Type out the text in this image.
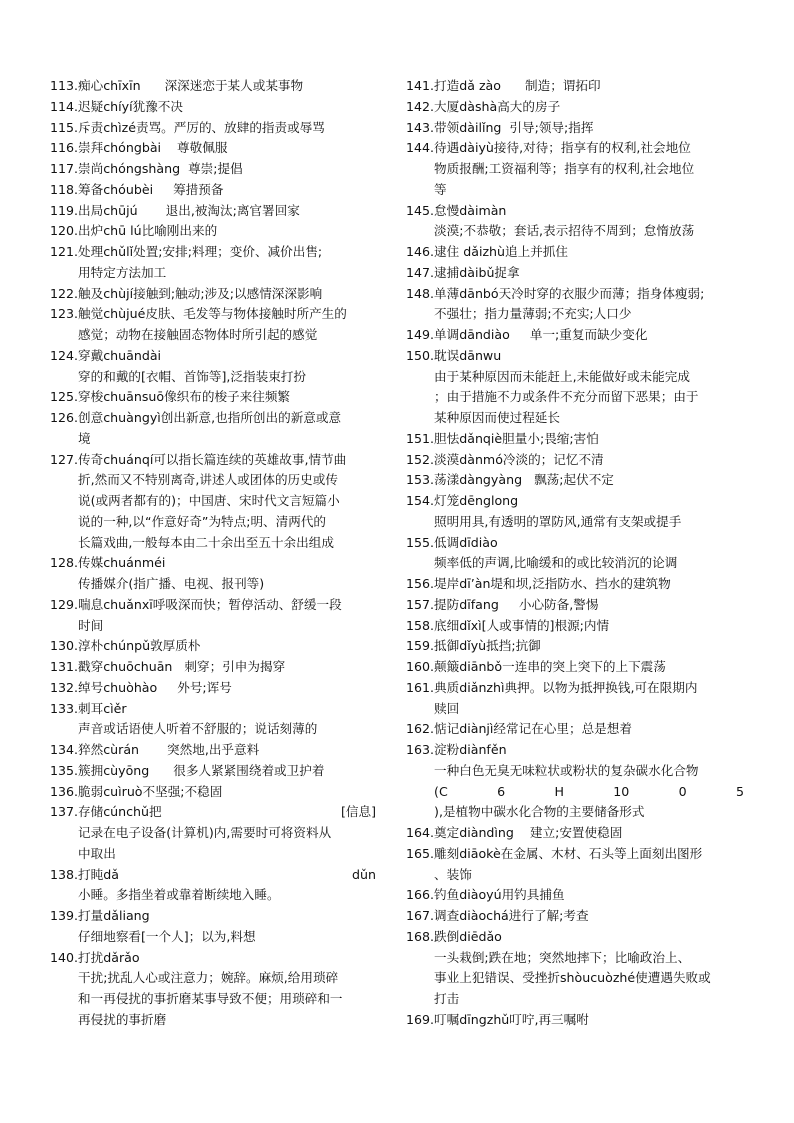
113. 痴心chīxīn      深深迷恋于某人或某事物
114. 迟疑chíyí犹豫不决
115. 斥责chìzé责骂。严厉的、放肆的指责或辱骂
116. 崇拜chóngbài    尊敬佩服
117. 崇尚chóngshàng  尊崇;提倡
118. 筹备chóubèi     筹措预备
119. 出局chūjú       退出,被淘汰;离官署回家
120. 出炉chū lú比喻刚出来的
121. 处理chǔlǐ处置;安排;料理；变价、减价出售;
用特定方法加工
122. 触及chùjí接触到;触动;涉及;以感情深深影响
123. 触觉chùjué皮肤、毛发等与物体接触时所产生的
感觉；动物在接触固态物体时所引起的感觉
124. 穿戴chuāndài
穿的和戴的[衣帽、首饰等],泛指装束打扮
125. 穿梭chuānsuō像织布的梭子来往频繁
126. 创意chuàngyì创出新意,也指所创出的新意或意
境
127. 传奇chuánqí可以指长篇连续的英雄故事,情节曲
折,然而又不特别离奇,讲述人或团体的历史或传
说(或两者都有的)；中国唐、宋时代文言短篇小
说的一种,以“作意好奇”为特点;明、清两代的
长篇戏曲,一般每本由二十余出至五十余出组成
128. 传媒chuánméi
传播媒介(指广播、电视、报刊等)
129. 喘息chuǎnxī呼吸深而快；暂停活动、舒缓一段
时间
130. 淳朴chúnpǔ敦厚质朴
131. 戳穿chuōchuān   刺穿；引申为揭穿
132. 绰号chuòhào     外号;诨号
133. 刺耳cìěr
声音或话语使人听着不舒服的；说话刻薄的
134. 猝然cùrán       突然地,出乎意料
135. 簇拥cùyōng      很多人紧紧围绕着或卫护着
136. 脆弱cuìruò不坚强;不稳固
137. 存储cúnchǔ把	[信息]
记录在电子设备(计算机)内,需要时可将资料从
中取出
138. 打盹dǎ	dǔn
小睡。多指坐着或靠着断续地入睡。
139. 打量dǎliang
仔细地察看[一个人]；以为,料想
140. 打扰dǎrǎo
干扰;扰乱人心或注意力；婉辞。麻烦,给用琐碎
和一再侵扰的事折磨某事导致不便；用琐碎和一
再侵扰的事折磨
141. 打造dǎ zào      制造；谓拓印
142. 大厦dàshà高大的房子
143. 带领dàilǐng  引导;领导;指挥
144. 待遇dàiyù接待,对待；指享有的权利,社会地位
物质报酬;工资福利等；指享有的权利,社会地位
等
145. 怠慢dàimàn
淡漠;不恭敬；套话,表示招待不周到；怠惰放荡
146. 逮住 dǎizhù追上并抓住
147. 逮捕dàibǔ捉拿
148. 单薄dānbó天冷时穿的衣服少而薄；指身体瘦弱;
不强壮；指力量薄弱;不充实;人口少
149. 单调dāndiào     单一;重复而缺少变化
150. 耽误dānwu
由于某种原因而未能赶上,未能做好或未能完成
；由于措施不力或条件不充分而留下恶果；由于
某种原因而使过程延长
151. 胆怯dǎnqiè胆量小;畏缩;害怕
152. 淡漠dànmó冷淡的；记忆不清
153. 荡漾dàngyàng   飘荡;起伏不定
154. 灯笼dēnglong
照明用具,有透明的罩防风,通常有支架或提手
155. 低调dīdiào
频率低的声调,比喻缓和的或比较消沉的论调
156. 堤岸dī’àn堤和坝,泛指防水、挡水的建筑物
157. 提防dīfang     小心防备,警惕
158. 底细dǐxì[人或事情的]根源;内情
159. 抵御dǐyù抵挡;抗御
160. 颠簸diānbǒ一连串的突上突下的上下震荡
161. 典质diǎnzhì典押。以物为抵押换钱,可在限期内
赎回
162. 惦记diànjì经常记在心里；总是想着
163. 淀粉diànfěn
一种白色无臭无味粒状或粉状的复杂碳水化合物
(C 6 H 10 0 5
),是植物中碳水化合物的主要储备形式
164. 奠定diàndìng    建立;安置使稳固
165. 雕刻diāokè在金属、木材、石头等上面刻出图形
、装饰
166. 钓鱼diàoyú用钓具捕鱼
167. 调查diàochá进行了解;考查
168. 跌倒diēdǎo
一头栽倒;跌在地；突然地摔下；比喻政治上、
事业上犯错误、受挫折shòucuòzhé使遭遇失败或
打击
169. 叮嘱dīngzhǔ叮咛,再三嘱咐
